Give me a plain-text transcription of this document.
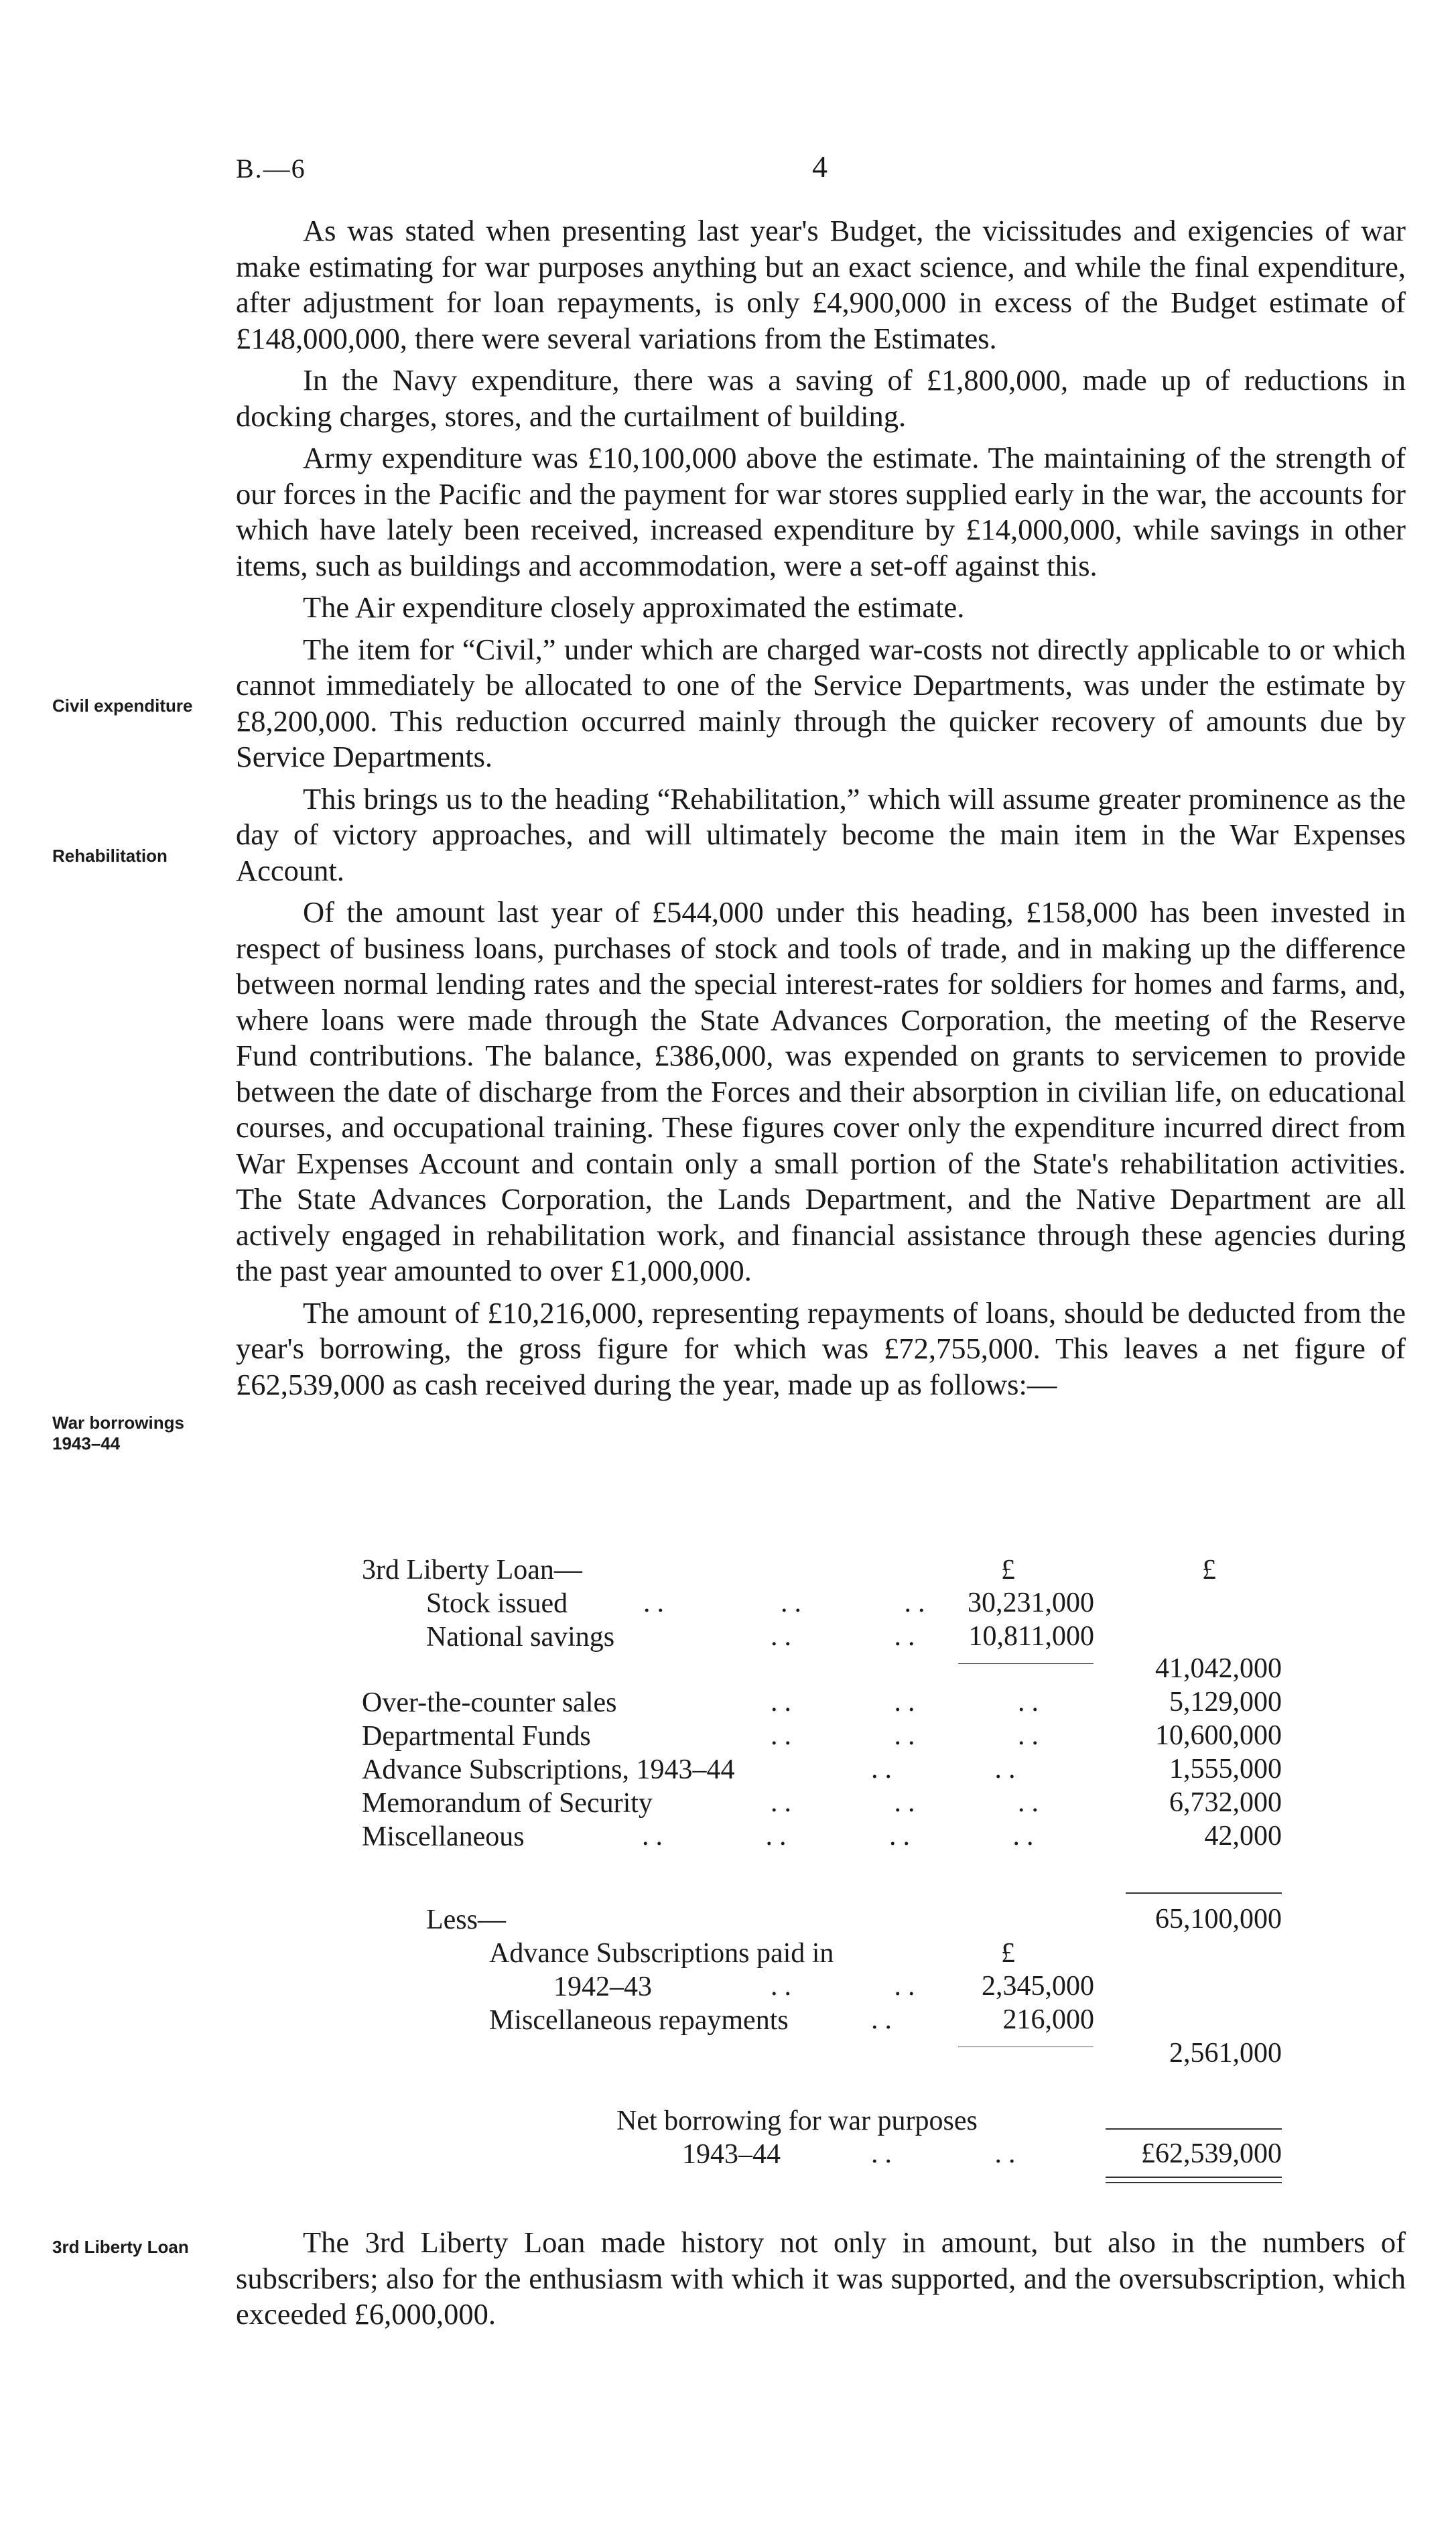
B.—6	4

As was stated when presenting last year's Budget, the vicissitudes and exigencies of war make estimating for war purposes anything but an exact science, and while the final expenditure, after adjustment for loan repayments, is only £4,900,000 in excess of the Budget estimate of £148,000,000, there were several variations from the Estimates.

In the Navy expenditure, there was a saving of £1,800,000, made up of reductions in docking charges, stores, and the curtailment of building.

Army expenditure was £10,100,000 above the estimate. The maintaining of the strength of our forces in the Pacific and the payment for war stores supplied early in the war, the accounts for which have lately been received, increased expenditure by £14,000,000, while savings in other items, such as buildings and accommodation, were a set-off against this.

The Air expenditure closely approximated the estimate.

The item for “Civil,” under which are charged war-costs not directly applicable to or which cannot immediately be allocated to one of the Service Departments, was under the estimate by £8,200,000. This reduction occurred mainly through the quicker recovery of amounts due by Service Departments.

This brings us to the heading “Rehabilitation,” which will assume greater prominence as the day of victory approaches, and will ultimately become the main item in the War Expenses Account.

Of the amount last year of £544,000 under this heading, £158,000 has been invested in respect of business loans, purchases of stock and tools of trade, and in making up the difference between normal lending rates and the special interest-rates for soldiers for homes and farms, and, where loans were made through the State Advances Corporation, the meeting of the Reserve Fund contributions. The balance, £386,000, was expended on grants to servicemen to provide between the date of discharge from the Forces and their absorption in civilian life, on educational courses, and occupational training. These figures cover only the expenditure incurred direct from War Expenses Account and contain only a small portion of the State's rehabilitation activities. The State Advances Corporation, the Lands Department, and the Native Department are all actively engaged in rehabilitation work, and financial assistance through these agencies during the past year amounted to over £1,000,000.

The amount of £10,216,000, representing repayments of loans, should be deducted from the year's borrowing, the gross figure for which was £72,755,000. This leaves a net figure of £62,539,000 as cash received during the year, made up as follows:—

Civil expenditure
Rehabilitation
War borrowings 1943–44
3rd Liberty Loan
£	£
3rd Liberty Loan—
Stock issued	..        ..       .. 30,231,000
National savings	..       .. 10,811,000
41,042,000
Over-the-counter sales	..       ..       ..	5,129,000
Departmental Funds	..       ..       ..	10,600,000
Advance Subscriptions, 1943–44	..       ..	1,555,000
Memorandum of Security	..       ..       ..	6,732,000
Miscellaneous	..       ..       ..       ..	42,000
65,100,000
Less—
Advance Subscriptions paid in	£
1942–43	..       .. 2,345,000
Miscellaneous repayments	..	216,000
2,561,000
Net borrowing for war purposes
1943–44	..       ..	£62,539,000

The 3rd Liberty Loan made history not only in amount, but also in the numbers of subscribers; also for the enthusiasm with which it was supported, and the oversubscription, which exceeded £6,000,000.
